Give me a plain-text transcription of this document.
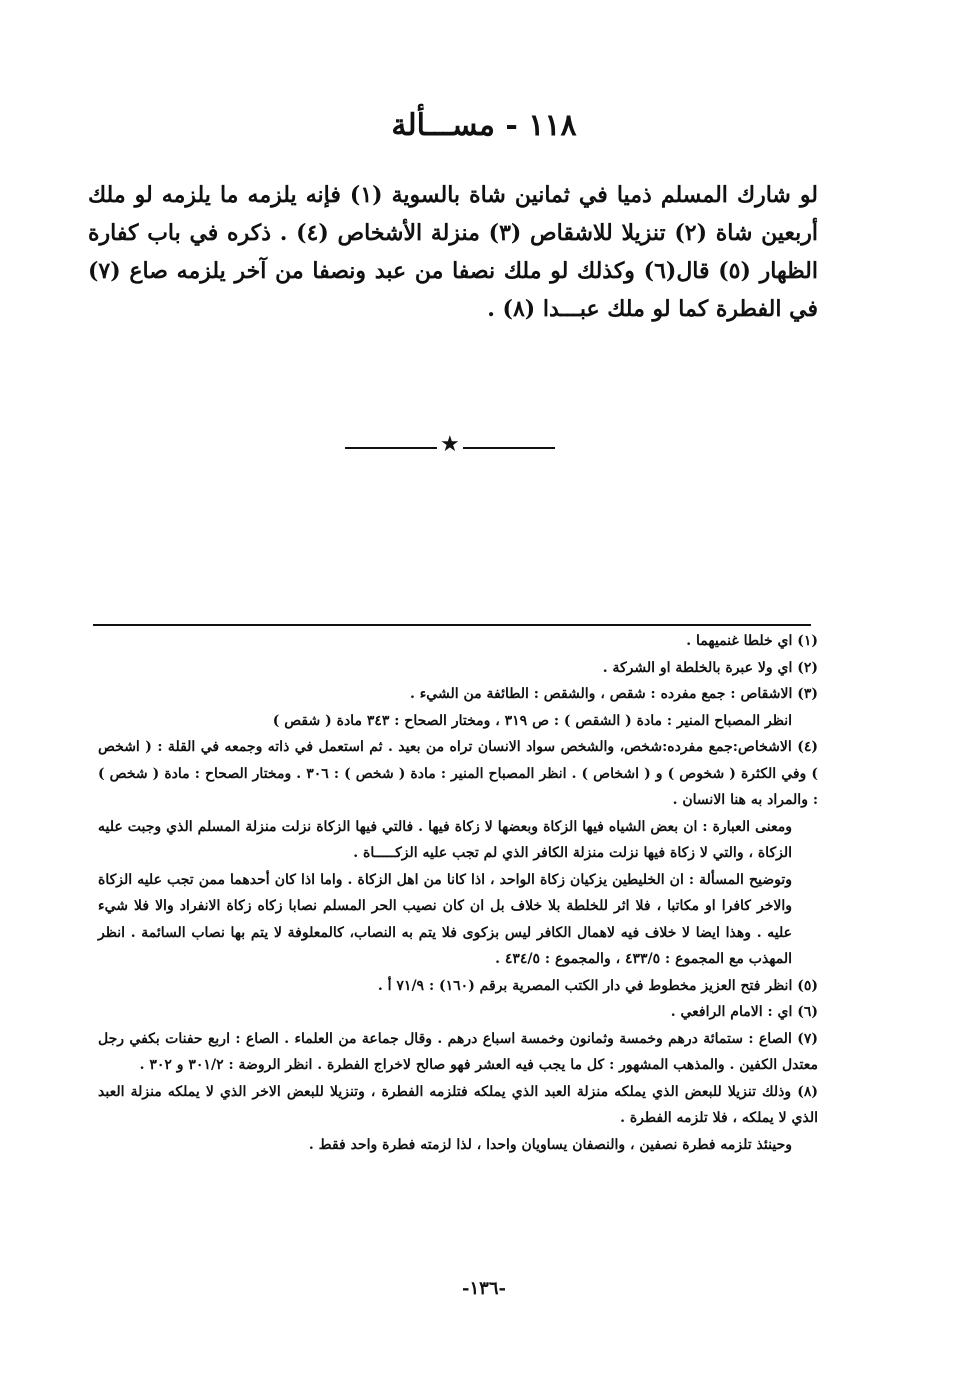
١١٨ - مســـألة

لو شارك المسلم ذميا في ثمانين شاة بالسوية (١) فإنه يلزمه ما يلزمه لو ملك أربعين شاة (٢) تنزيلا للاشقاص (٣) منزلة الأشخاص (٤) . ذكره في باب كفارة الظهار (٥) قال(٦) وكذلك لو ملك نصفا من عبد ونصفا من آخر يلزمه صاع (٧) في الفطرة كما لو ملك عبـــدا (٨) .

★

(١) اي خلطا غنميهما .

(٢) اي ولا عبرة بالخلطة او الشركة .

(٣) الاشقاص : جمع مفرده : شقص ، والشقص : الطائفة من الشيء .

انظر المصباح المنير : مادة ( الشقص ) : ص ٣١٩ ، ومختار الصحاح : ٣٤٣ مادة ( شقص )

(٤) الاشخاص:جمع مفرده:شخص، والشخص سواد الانسان تراه من بعيد . ثم استعمل في ذاته وجمعه في القلة : ( اشخص ) وفي الكثرة ( شخوص ) و ( اشخاص ) . انظر المصباح المنير : مادة ( شخص ) : ٣٠٦ . ومختار الصحاح : مادة ( شخص ) : والمراد به هنا الانسان .

ومعنى العبارة : ان بعض الشياه فيها الزكاة وبعضها لا زكاة فيها . فالتي فيها الزكاة نزلت منزلة المسلم الذي وجبت عليه الزكاة ، والتي لا زكاة فيها نزلت منزلة الكافر الذي لم تجب عليه الزكـــــاة .

وتوضيح المسألة : ان الخليطين يزكيان زكاة الواحد ، اذا كانا من اهل الزكاة . واما اذا كان أحدهما ممن تجب عليه الزكاة والاخر كافرا او مكاتبا ، فلا اثر للخلطة بلا خلاف بل ان كان نصيب الحر المسلم نصابا زكاه زكاة الانفراد والا فلا شيء عليه . وهذا ايضا لا خلاف فيه لاهمال الكافر ليس بزكوى فلا يتم به النصاب، كالمعلوفة لا يتم بها نصاب السائمة . انظر المهذب مع المجموع : ٤٣٣/٥ ، والمجموع : ٤٣٤/٥ .

(٥) انظر فتح العزيز مخطوط في دار الكتب المصرية برقم (١٦٠) : ٧١/٩ أ .

(٦) اي : الامام الرافعي .

(٧) الصاع : ستمائة درهم وخمسة وثمانون وخمسة اسباع درهم . وقال جماعة من العلماء . الصاع : اربع حفنات بكفي رجل معتدل الكفين . والمذهب المشهور : كل ما يجب فيه العشر فهو صالح لاخراج الفطرة . انظر الروضة : ٣٠١/٢ و ٣٠٢ .

(٨) وذلك تنزيلا للبعض الذي يملكه منزلة العبد الذي يملكه فتلزمه الفطرة ، وتنزيلا للبعض الاخر الذي لا يملكه منزلة العبد الذي لا يملكه ، فلا تلزمه الفطرة .

وحينئذ تلزمه فطرة نصفين ، والنصفان يساويان واحدا ، لذا لزمته فطرة واحد فقط .

-١٣٦-
